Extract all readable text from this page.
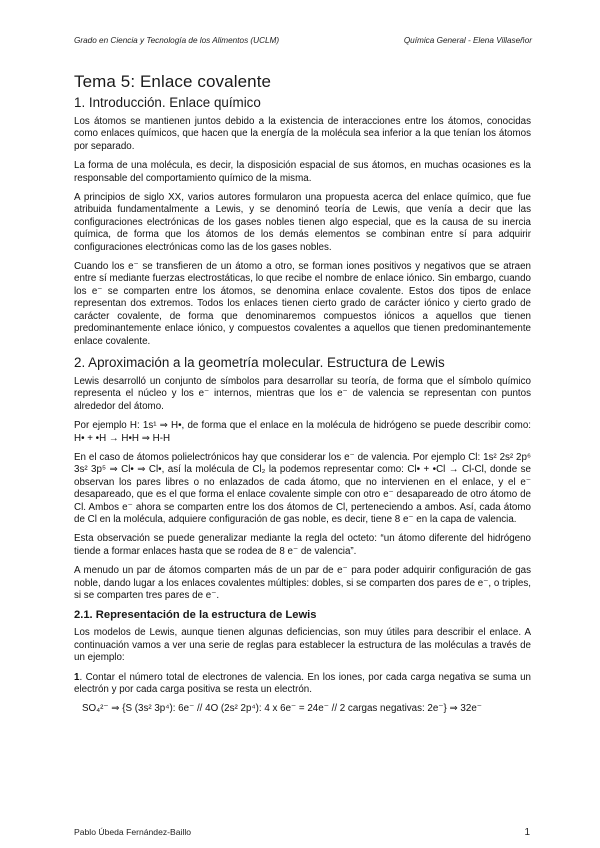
Grado en Ciencia y Tecnología de los Alimentos (UCLM)	Química General - Elena Villaseñor
Tema 5: Enlace covalente
1. Introducción. Enlace químico

Los átomos se mantienen juntos debido a la existencia de interacciones entre los átomos, conocidas como enlaces químicos, que hacen que la energía de la molécula sea inferior a la que tenían los átomos por separado.

La forma de una molécula, es decir, la disposición espacial de sus átomos, en muchas ocasiones es la responsable del comportamiento químico de la misma.

A principios de siglo XX, varios autores formularon una propuesta acerca del enlace químico, que fue atribuida fundamentalmente a Lewis, y se denominó teoría de Lewis, que venía a decir que las configuraciones electrónicas de los gases nobles tienen algo especial, que es la causa de su inercia química, de forma que los átomos de los demás elementos se combinan entre sí para adquirir configuraciones electrónicas como las de los gases nobles.

Cuando los e⁻ se transfieren de un átomo a otro, se forman iones positivos y negativos que se atraen entre sí mediante fuerzas electrostáticas, lo que recibe el nombre de enlace iónico. Sin embargo, cuando los e⁻ se comparten entre los átomos, se denomina enlace covalente. Estos dos tipos de enlace representan dos extremos. Todos los enlaces tienen cierto grado de carácter iónico y cierto grado de carácter covalente, de forma que denominaremos compuestos iónicos a aquellos que tienen predominantemente enlace iónico, y compuestos covalentes a aquellos que tienen predominantemente enlace covalente.

2. Aproximación a la geometría molecular. Estructura de Lewis

Lewis desarrolló un conjunto de símbolos para desarrollar su teoría, de forma que el símbolo químico representa el núcleo y los e⁻ internos, mientras que los e⁻ de valencia se representan con puntos alrededor del átomo.

Por ejemplo H: 1s¹ ⇒ H•, de forma que el enlace en la molécula de hidrógeno se puede describir como: H• + •H → H•H ⇒ H-H

En el caso de átomos polielectrónicos hay que considerar los e⁻ de valencia. Por ejemplo Cl: 1s² 2s² 2p⁶ 3s² 3p⁵ ⇒ Cl• ⇒ Cl•, así la molécula de Cl₂ la podemos representar como: Cl• + •Cl → Cl-Cl, donde se observan los pares libres o no enlazados de cada átomo, que no intervienen en el enlace, y el e⁻ desapareado, que es el que forma el enlace covalente simple con otro e⁻ desapareado de otro átomo de Cl. Ambos e⁻ ahora se comparten entre los dos átomos de Cl, perteneciendo a ambos. Así, cada átomo de Cl en la molécula, adquiere configuración de gas noble, es decir, tiene 8 e⁻ en la capa de valencia.

Esta observación se puede generalizar mediante la regla del octeto: “un átomo diferente del hidrógeno tiende a formar enlaces hasta que se rodea de 8 e⁻ de valencia”.

A menudo un par de átomos comparten más de un par de e⁻ para poder adquirir configuración de gas noble, dando lugar a los enlaces covalentes múltiples: dobles, si se comparten dos pares de e⁻, o triples, si se comparten tres pares de e⁻.

2.1. Representación de la estructura de Lewis

Los modelos de Lewis, aunque tienen algunas deficiencias, son muy útiles para describir el enlace. A continuación vamos a ver una serie de reglas para establecer la estructura de las moléculas a través de un ejemplo:

1. Contar el número total de electrones de valencia. En los iones, por cada carga negativa se suma un electrón y por cada carga positiva se resta un electrón.

SO₄²⁻ ⇒ {S (3s² 3p⁴): 6e⁻ // 4O (2s² 2p⁴): 4 x 6e⁻ = 24e⁻ // 2 cargas negativas: 2e⁻} ⇒ 32e⁻

Pablo Úbeda Fernández-Baillo	1
